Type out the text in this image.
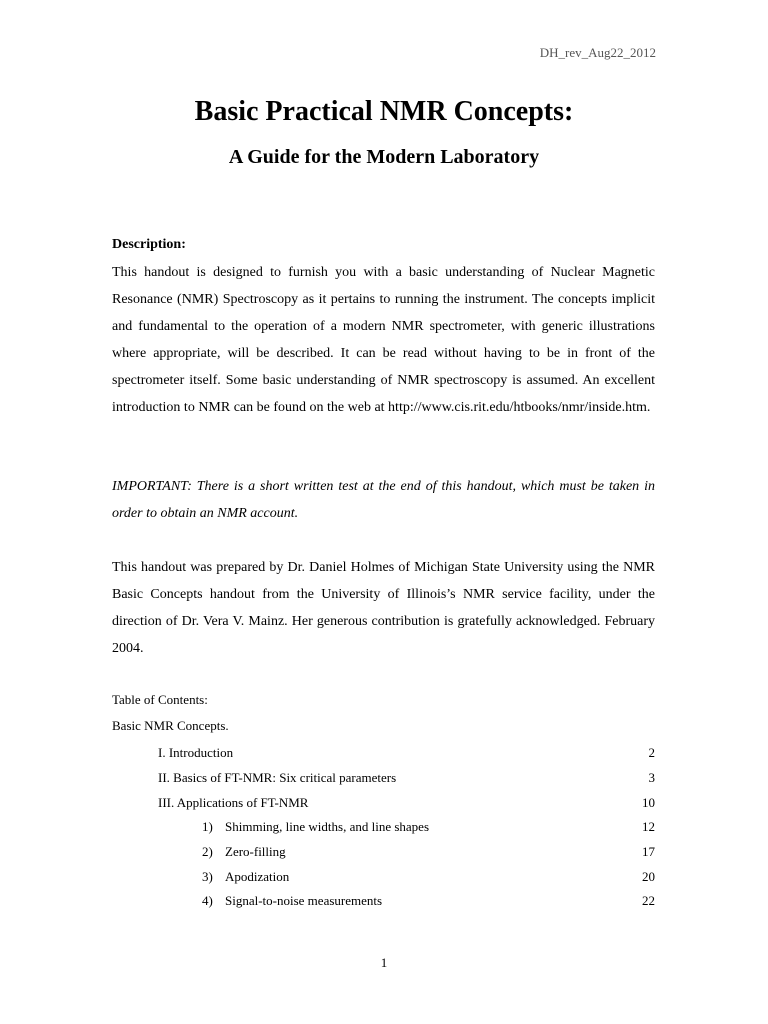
DH_rev_Aug22_2012
Basic Practical NMR Concepts:
A Guide for the Modern Laboratory
Description:

This handout is designed to furnish you with a basic understanding of Nuclear Magnetic Resonance (NMR) Spectroscopy as it pertains to running the instrument. The concepts implicit and fundamental to the operation of a modern NMR spectrometer, with generic illustrations where appropriate, will be described. It can be read without having to be in front of the spectrometer itself. Some basic understanding of NMR spectroscopy is assumed. An excellent introduction to NMR can be found on the web at http://www.cis.rit.edu/htbooks/nmr/inside.htm.

IMPORTANT: There is a short written test at the end of this handout, which must be taken in order to obtain an NMR account.

This handout was prepared by Dr. Daniel Holmes of Michigan State University using the NMR Basic Concepts handout from the University of Illinois’s NMR service facility, under the direction of Dr. Vera V. Mainz. Her generous contribution is gratefully acknowledged. February 2004.

Table of Contents:
Basic NMR Concepts.
I. Introduction	2
II. Basics of FT-NMR: Six critical parameters	3
III. Applications of FT-NMR	10
1) Shimming, line widths, and line shapes	12
2) Zero-filling	17
3) Apodization	20
4) Signal-to-noise measurements	22
1
